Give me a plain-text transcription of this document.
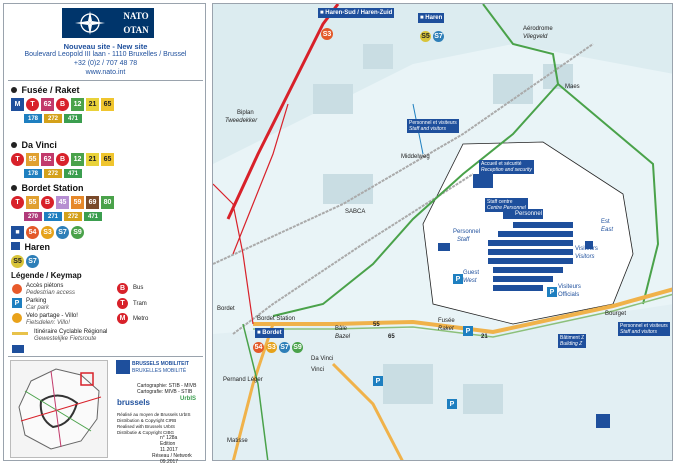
NATO
OTAN
Nouveau site - New site
Boulevard Leopold III laan - 1110 Bruxelles / Brussel
+32 (0)2 / 707 48 78
www.nato.int
Fusée / Raket
M	T	62	B	12	21	65
178	272	471
Da Vinci
T	55	62	B	12	21	65
178	272	471
Bordet Station
T	55	B	45	59	69	80
270	271	272	471
■	54 S3 S7 S9
Haren
S5 S7
Légende / Keymap
Accès piétons
Pedestrian access
P	Parking
Car park
Velo partage - Villo!
Fietsdelen: Villo!
B	Bus
T	Tram
M	Metro
Itinéraire Cyclable Régional
Gewestelijke Fietsroute
BRUSSELS MOBILITEIT
BRUXELLES MOBILITÉ
Cartographie: STIB - MIVB
Cartografie: MIVB - STIB
brussels
Réalisé au moyen de Brussels UrbIS
Distribution & Copyright CIRB
Realised with Brussels UrbIS
Distributie & Copyright CIBG
UrbIS
n° 128a
Edition
11.2017
Réseau / Network
09.2017
■ Haren-Sud / Haren-Zuid
S3
■ Haren
S5 S7
Aérodrome
Vliegveld
Maes
Biplan
Tweedekker
Middelweg
SABCA
Bordet
Bordet Station
Bâle
Bazel
Fusée
Raket
Bourget
Da Vinci
Vinci
Pernand Léger
Matisse
■ Bordet
54 S3 S7 S9
Personnel et visiteurs
Staff and visitors
Accueil et sécurité
Reception and security
Staff centre
Centre Personnel
Personnel
Staff
Personnel
Visiteurs
Visitors
Guest
West
Visiteurs
Officials
Est
East
Personnel et visiteurs
Staff and visitors
Bâtiment Z
Building Z
P
P
P
P
P
55
65	21
